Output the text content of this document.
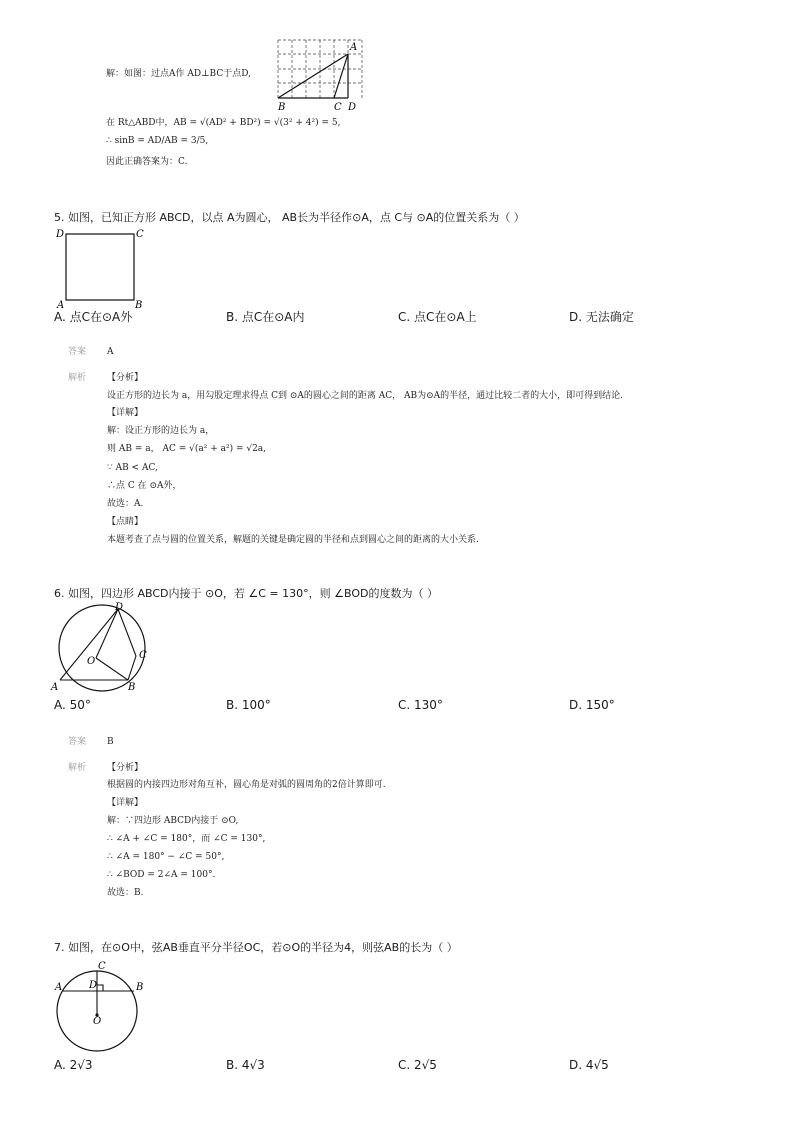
解：如图：过点A作 AD⊥BC于点D,
A
B	C D
在 Rt△ABD中，AB = √(AD² + BD²) = √(3² + 4²) = 5,
∴ sinB = AD/AB = 3/5,
因此正确答案为：C.
5. 如图，已知正方形 ABCD，以点 A为圆心， AB长为半径作⊙A，点 C与 ⊙A的位置关系为（ ）
D	C
A	B
A. 点C在⊙A外	B. 点C在⊙A内	C. 点C在⊙A上	D. 无法确定
答案 A
解析 【分析】
设正方形的边长为 a，用勾股定理求得点 C到 ⊙A的圆心之间的距离 AC， AB为⊙A的半径，通过比较二者的大小，即可得到结论.
【详解】
解：设正方形的边长为 a，
则 AB = a， AC = √(a² + a²) = √2a,
∵ AB < AC,
∴点 C 在 ⊙A外，
故选：A.
【点睛】
本题考查了点与圆的位置关系，解题的关键是确定圆的半径和点到圆心之间的距离的大小关系.
6. 如图，四边形 ABCD内接于 ⊙O，若 ∠C = 130°，则 ∠BOD的度数为（ ）
D
C
O
A	B
A. 50°	B. 100°	C. 130°	D. 150°
答案 B
解析 【分析】
根据圆的内接四边形对角互补，圆心角是对弧的圆周角的2倍计算即可.
【详解】
解：∵四边形 ABCD内接于 ⊙O,
∴ ∠A + ∠C = 180°，而 ∠C = 130°,
∴ ∠A = 180° − ∠C = 50°,
∴ ∠BOD = 2∠A = 100°.
故选：B.
7. 如图，在⊙O中，弦AB垂直平分半径OC，若⊙O的半径为4，则弦AB的长为（ ）
C
A	D	B
O
A. 2√3	B. 4√3	C. 2√5	D. 4√5
